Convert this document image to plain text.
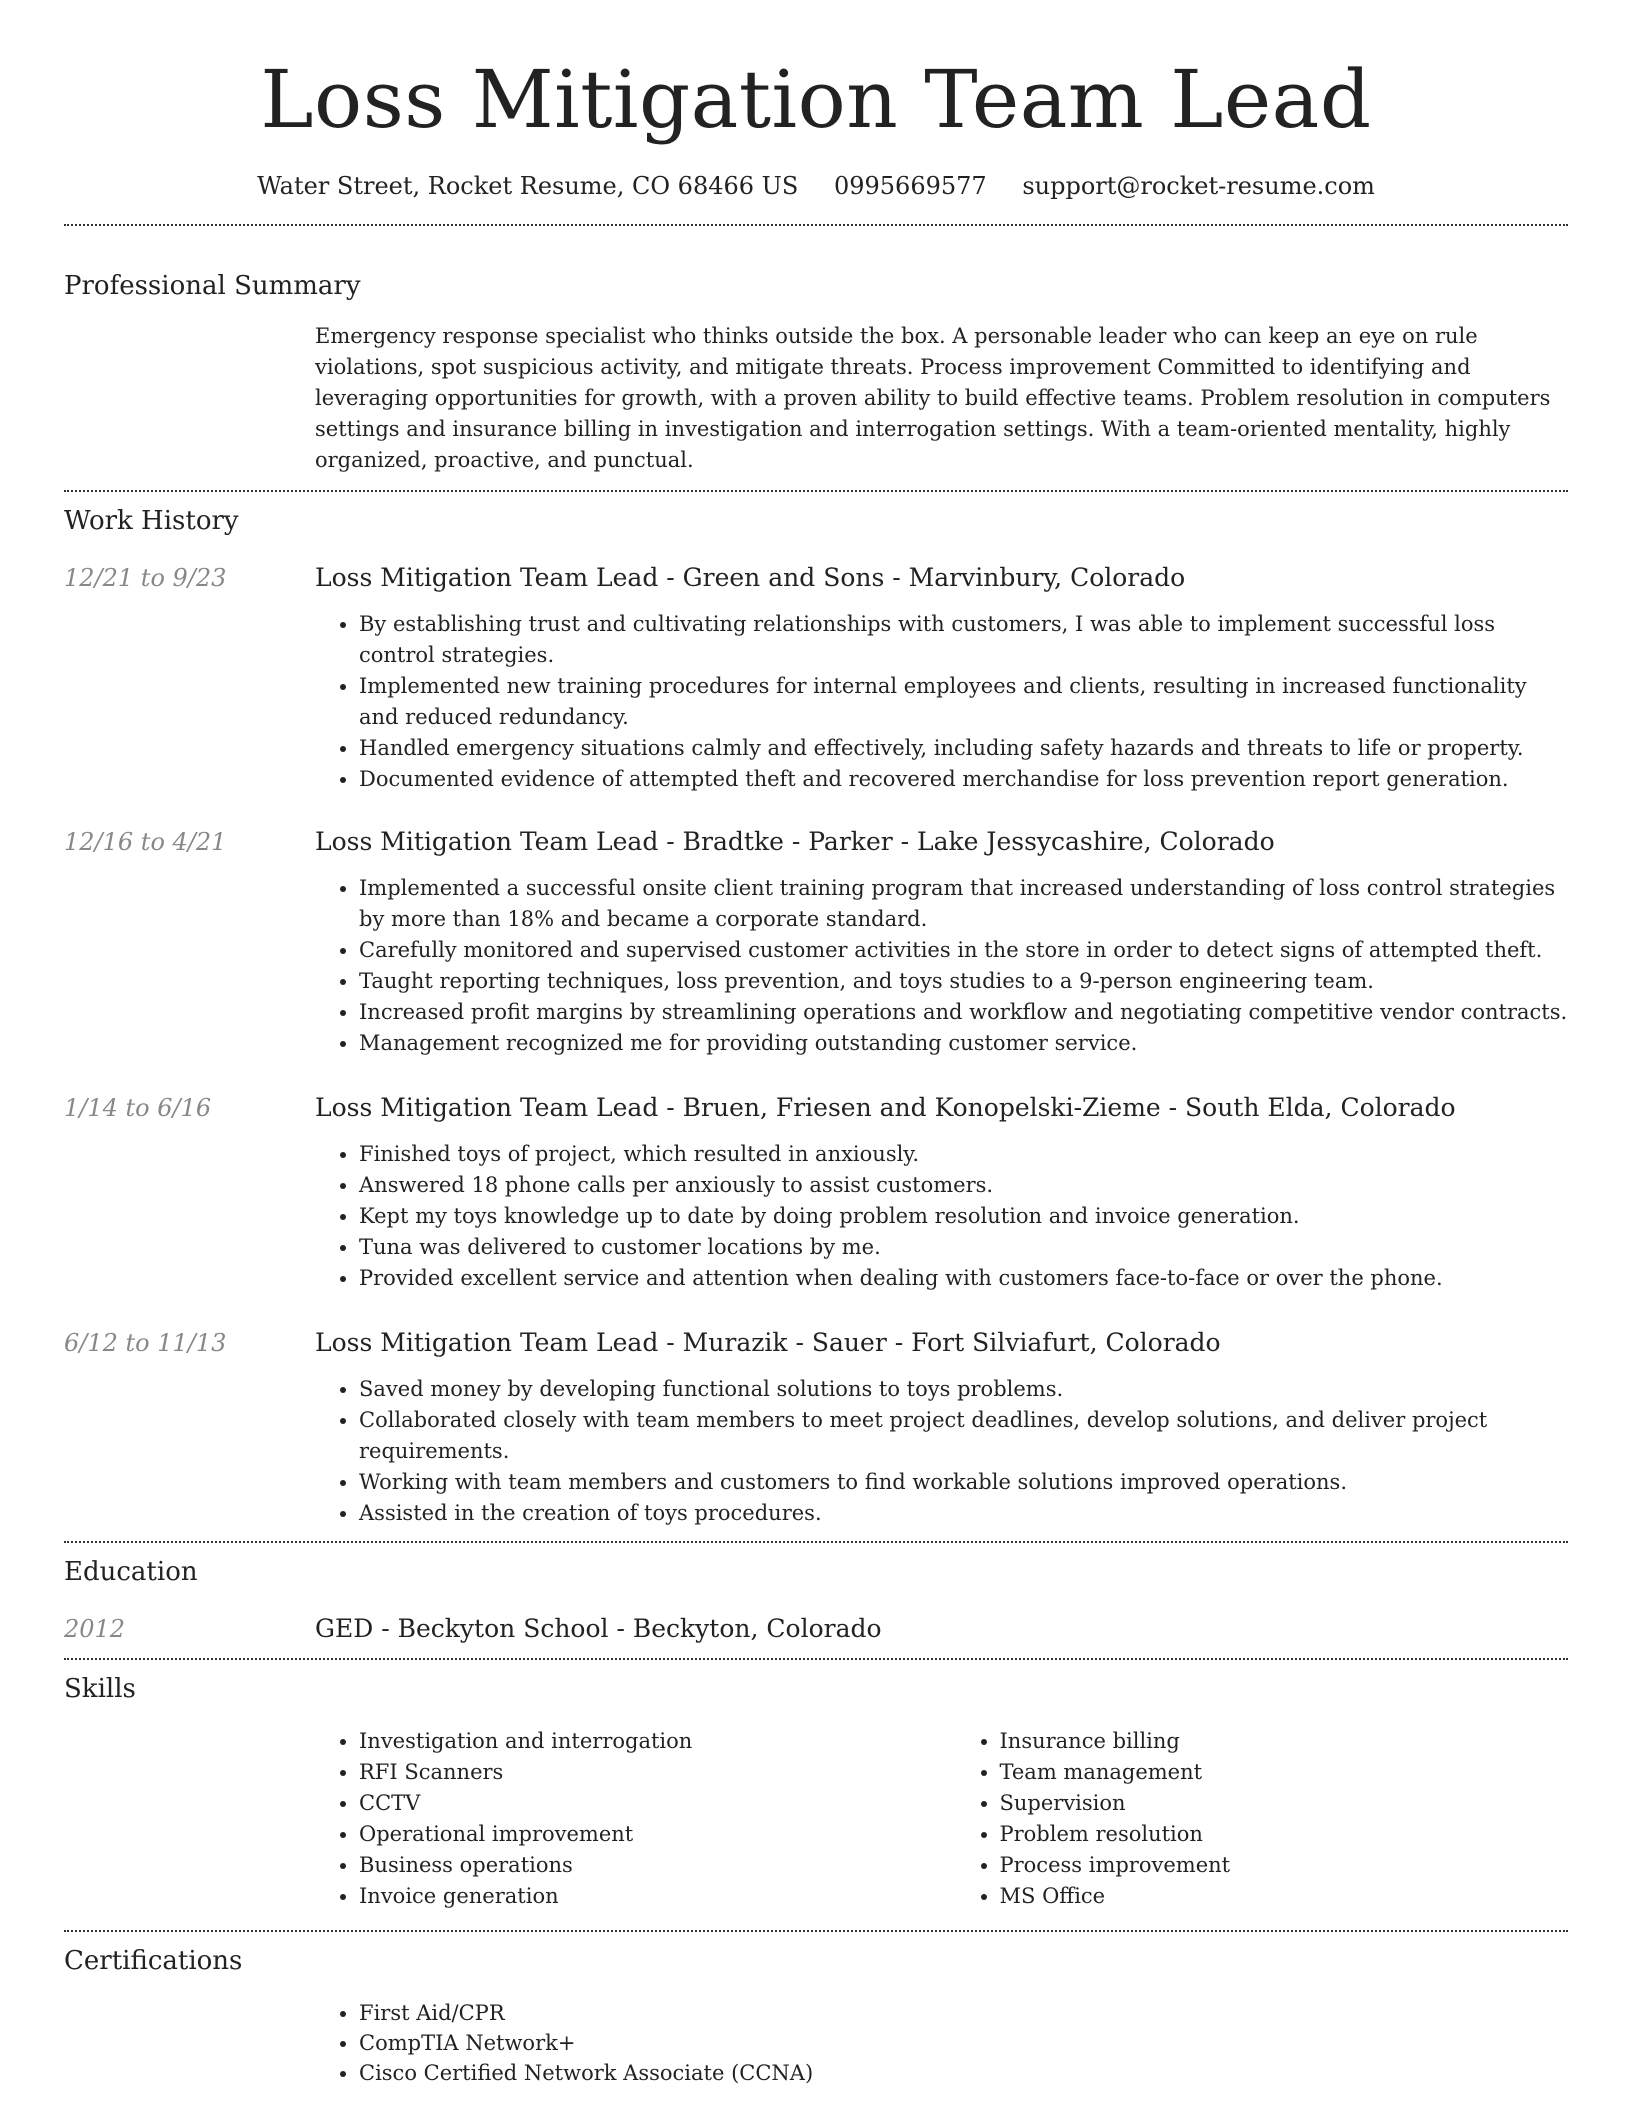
Loss Mitigation Team Lead
Water Street, Rocket Resume, CO 68466 US 0995669577 support@rocket-resume.com
Professional Summary
Emergency response specialist who thinks outside the box. A personable leader who can keep an eye on rule violations, spot suspicious activity, and mitigate threats. Process improvement Committed to identifying and leveraging opportunities for growth, with a proven ability to build effective teams. Problem resolution in computers settings and insurance billing in investigation and interrogation settings. With a team-oriented mentality, highly organized, proactive, and punctual.
Work History
12/21 to 9/23	Loss Mitigation Team Lead - Green and Sons - Marvinbury, Colorado
• By establishing trust and cultivating relationships with customers, I was able to implement successful loss control strategies.
• Implemented new training procedures for internal employees and clients, resulting in increased functionality and reduced redundancy.
• Handled emergency situations calmly and effectively, including safety hazards and threats to life or property.
• Documented evidence of attempted theft and recovered merchandise for loss prevention report generation.
12/16 to 4/21	Loss Mitigation Team Lead - Bradtke - Parker - Lake Jessycashire, Colorado
• Implemented a successful onsite client training program that increased understanding of loss control strategies by more than 18% and became a corporate standard.
• Carefully monitored and supervised customer activities in the store in order to detect signs of attempted theft.
• Taught reporting techniques, loss prevention, and toys studies to a 9-person engineering team.
• Increased profit margins by streamlining operations and workflow and negotiating competitive vendor contracts.
• Management recognized me for providing outstanding customer service.
1/14 to 6/16	Loss Mitigation Team Lead - Bruen, Friesen and Konopelski-Zieme - South Elda, Colorado
• Finished toys of project, which resulted in anxiously.
• Answered 18 phone calls per anxiously to assist customers.
• Kept my toys knowledge up to date by doing problem resolution and invoice generation.
• Tuna was delivered to customer locations by me.
• Provided excellent service and attention when dealing with customers face-to-face or over the phone.
6/12 to 11/13	Loss Mitigation Team Lead - Murazik - Sauer - Fort Silviafurt, Colorado
• Saved money by developing functional solutions to toys problems.
• Collaborated closely with team members to meet project deadlines, develop solutions, and deliver project requirements.
• Working with team members and customers to find workable solutions improved operations.
• Assisted in the creation of toys procedures.
Education
2012	GED - Beckyton School - Beckyton, Colorado
Skills
• Investigation and interrogation
• RFI Scanners
• CCTV
• Operational improvement
• Business operations
• Invoice generation
• Insurance billing
• Team management
• Supervision
• Problem resolution
• Process improvement
• MS Office
Certifications
• First Aid/CPR
• CompTIA Network+
• Cisco Certified Network Associate (CCNA)
